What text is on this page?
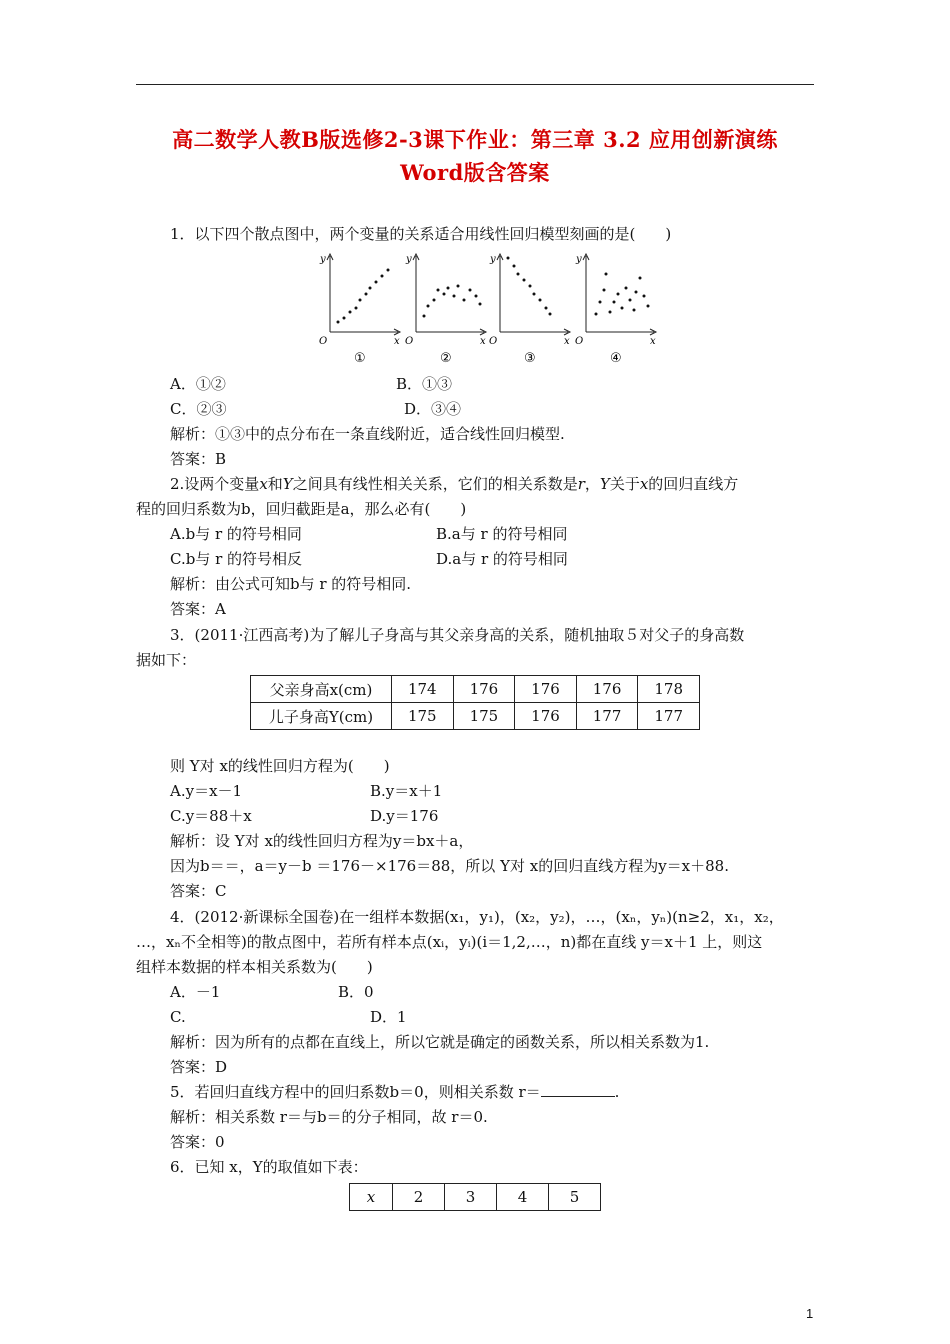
高二数学人教B版选修2-3课下作业：第三章 3.2 应用创新演练
Word版含答案
1．以下四个散点图中，两个变量的关系适合用线性回归模型刻画的是(　　)
y
x
O
①
y
x
O
②
y
x
O
③
y
x
O
④
A．①②	B．①③
C．②③	D．③④
解析：①③中的点分布在一条直线附近，适合线性回归模型.
答案：B
2.设两个变量x和Y之间具有线性相关关系，它们的相关系数是r，Y关于x的回归直线方
程的回归系数为b，回归截距是a，那么必有(　　)
A.b与 r 的符号相同	B.a与 r 的符号相同
C.b与 r 的符号相反	D.a与 r 的符号相同
解析：由公式可知b与 r 的符号相同.
答案：A
3．(2011·江西高考)为了解儿子身高与其父亲身高的关系，随机抽取５对父子的身高数
据如下：
父亲身高x(cm)	174	176	176	176	178
儿子身高Y(cm)	175	175	176	177	177
则 Y对 x的线性回归方程为(　　)
A.y＝x－1	B.y＝x＋1
C.y＝88＋x	D.y＝176
解析：设 Y对 x的线性回归方程为y＝bx＋a，
因为b＝＝，a＝y－b ＝176－×176＝88，所以 Y对 x的回归直线方程为y＝x＋88.
答案：C
4．(2012·新课标全国卷)在一组样本数据(x₁，y₁)，(x₂，y₂)，…，(xₙ，yₙ)(n≥2，x₁，x₂，
…，xₙ不全相等)的散点图中，若所有样本点(xᵢ，yᵢ)(i＝1,2,…，n)都在直线 y＝x＋1 上，则这
组样本数据的样本相关系数为(　　)
A．－1	B．0
C.	D．1
解析：因为所有的点都在直线上，所以它就是确定的函数关系，所以相关系数为1.
答案：D
5．若回归直线方程中的回归系数b＝0，则相关系数 r＝	.
解析：相关系数 r＝与b＝的分子相同，故 r＝0.
答案：0
6．已知 x，Y的取值如下表：
x	2	3	4	5
1
